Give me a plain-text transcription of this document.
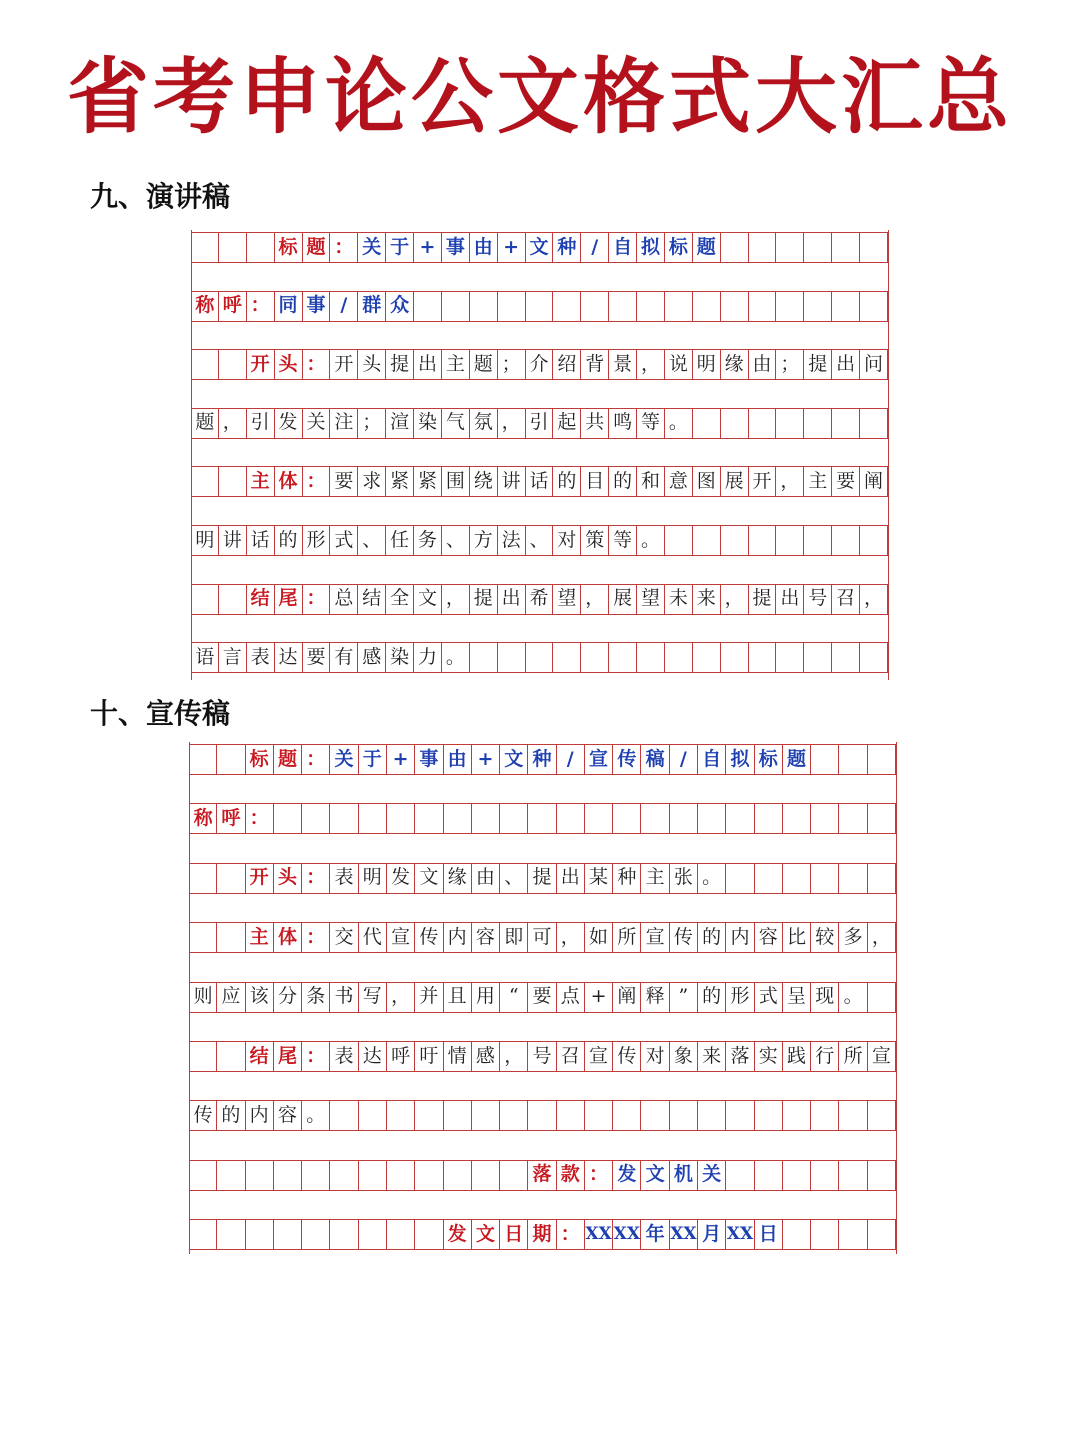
省考申论公文格式大汇总
九、演讲稿
标 题 ： 关 于 + 事 由 + 文 种 / 自 拟 标 题
称 呼 ： 同 事 / 群 众
开 头 ： 开 头 提 出 主 题 ； 介 绍 背 景 ， 说 明 缘 由 ； 提 出 问
题 ， 引 发 关 注 ； 渲 染 气 氛 ， 引 起 共 鸣 等 。
主 体 ： 要 求 紧 紧 围 绕 讲 话 的 目 的 和 意 图 展 开 ， 主 要 阐
明 讲 话 的 形 式 、 任 务 、 方 法 、 对 策 等 。
结 尾 ： 总 结 全 文 ， 提 出 希 望 ， 展 望 未 来 ， 提 出 号 召 ，
语 言 表 达 要 有 感 染 力 。
十、宣传稿
标 题 ： 关 于 + 事 由 + 文 种 / 宣 传 稿 / 自 拟 标 题
称 呼 ：
开 头 ： 表 明 发 文 缘 由 、 提 出 某 种 主 张 。
主 体 ： 交 代 宣 传 内 容 即 可 ， 如 所 宣 传 的 内 容 比 较 多 ，
则 应 该 分 条 书 写 ， 并 且 用 “ 要 点 + 阐 释 ” 的 形 式 呈 现 。
结 尾 ： 表 达 呼 吁 情 感 ， 号 召 宣 传 对 象 来 落 实 践 行 所 宣
传 的 内 容 。
落 款 ： 发 文 机 关
发 文 日 期 ： XX XX 年 XX 月 XX 日
